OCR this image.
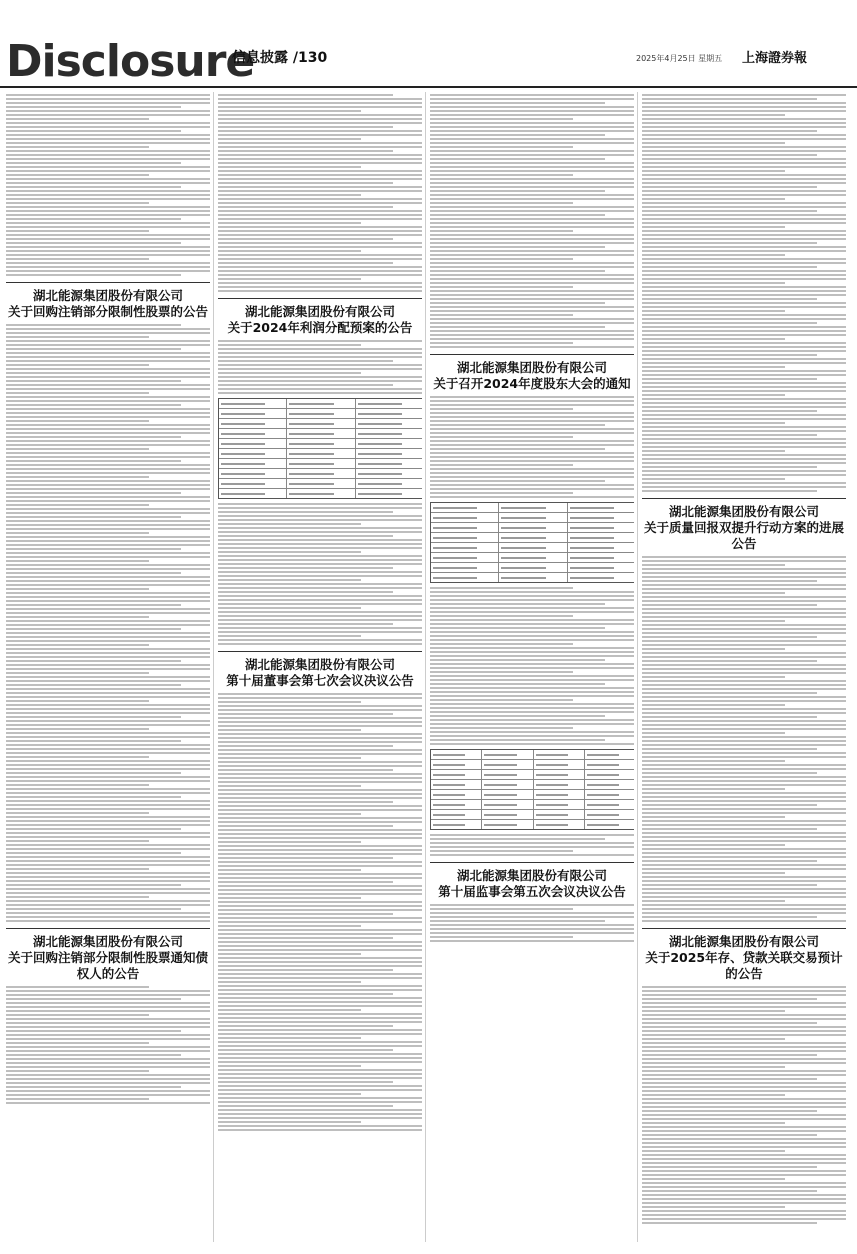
Disclosure
信息披露 /130	2025年4月25日 星期五 上海證券報
湖北能源集团股份有限公司
关于回购注销部分限制性股票的公告
湖北能源集团股份有限公司
关于回购注销部分限制性股票通知债权人的公告
湖北能源集团股份有限公司
关于2024年利润分配预案的公告
湖北能源集团股份有限公司
第十届董事会第七次会议决议公告
湖北能源集团股份有限公司
关于召开2024年度股东大会的通知
湖北能源集团股份有限公司
第十届监事会第五次会议决议公告
湖北能源集团股份有限公司
关于质量回报双提升行动方案的进展公告
湖北能源集团股份有限公司
关于2025年存、贷款关联交易预计的公告
